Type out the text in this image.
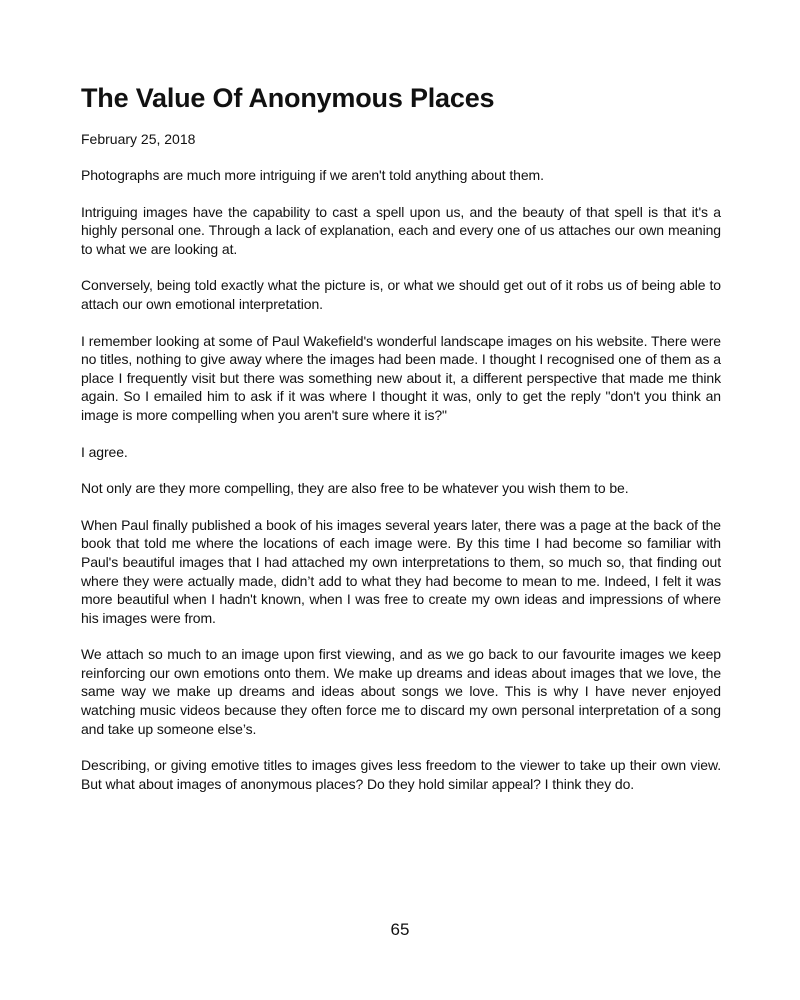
The Value Of Anonymous Places
February 25, 2018

Photographs are much more intriguing if we aren't told anything about them.

Intriguing images have the capability to cast a spell upon us, and the beauty of that spell is that it's a highly personal one. Through a lack of explanation, each and every one of us attaches our own meaning to what we are looking at.

Conversely, being told exactly what the picture is, or what we should get out of it robs us of being able to attach our own emotional interpretation.

I remember looking at some of Paul Wakefield's wonderful landscape images on his website. There were no titles, nothing to give away where the images had been made. I thought I recognised one of them as a place I frequently visit but there was something new about it, a different perspective that made me think again. So I emailed him to ask if it was where I thought it was, only to get the reply "don't you think an image is more compelling when you aren't sure where it is?"

I agree.

Not only are they more compelling, they are also free to be whatever you wish them to be.

When Paul finally published a book of his images several years later, there was a page at the back of the book that told me where the locations of each image were. By this time I had become so familiar with Paul's beautiful images that I had attached my own interpretations to them, so much so, that finding out where they were actually made, didn’t add to what they had become to mean to me. Indeed, I felt it was more beautiful when I hadn't known, when I was free to create my own ideas and impressions of where his images were from.

We attach so much to an image upon first viewing, and as we go back to our favourite images we keep reinforcing our own emotions onto them. We make up dreams and ideas about images that we love, the same way we make up dreams and ideas about songs we love. This is why I have never enjoyed watching music videos because they often force me to discard my own personal interpretation of a song and take up someone else’s.

Describing, or giving emotive titles to images gives less freedom to the viewer to take up their own view. But what about images of anonymous places? Do they hold similar appeal? I think they do.

65
